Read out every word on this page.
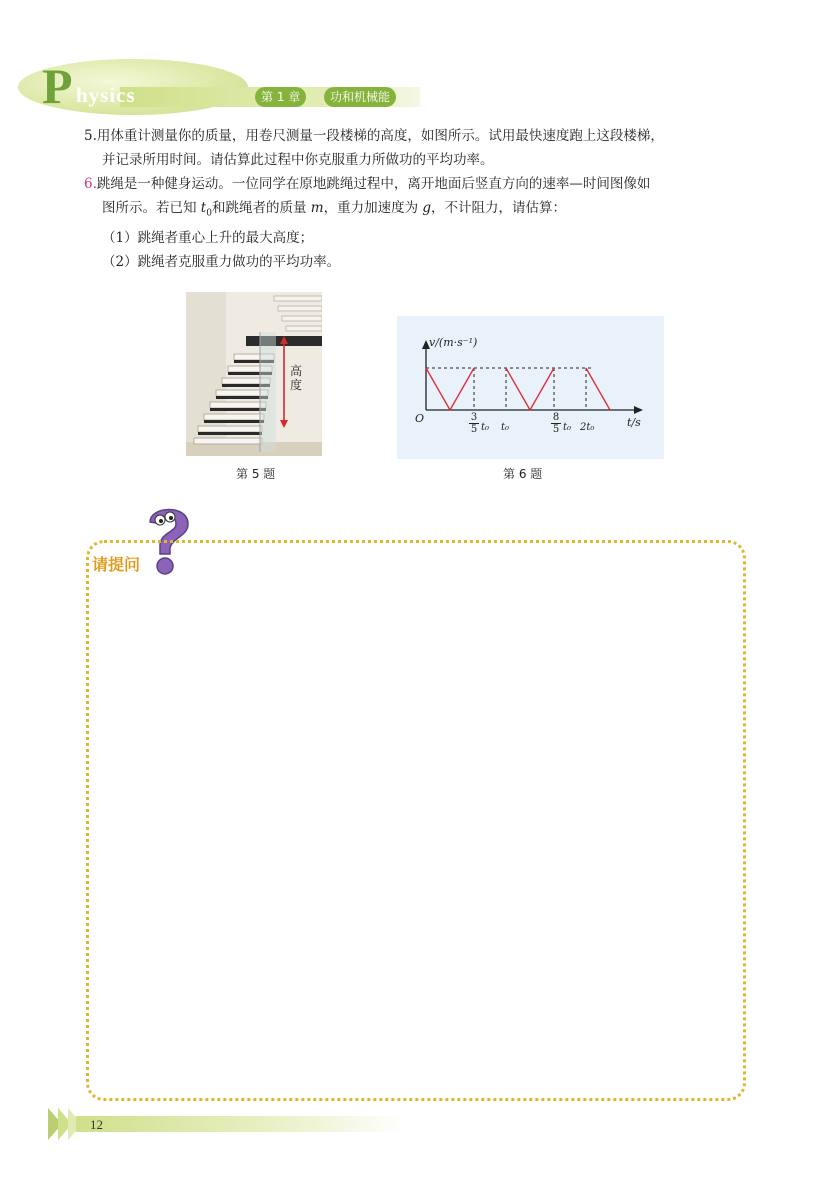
P hysics	第 1 章	功和机械能
5.用体重计测量你的质量，用卷尺测量一段楼梯的高度，如图所示。试用最快速度跑上这段楼梯，
并记录所用时间。请估算此过程中你克服重力所做功的平均功率。
6.跳绳是一种健身运动。一位同学在原地跳绳过程中，离开地面后竖直方向的速率—时间图像如
图所示。若已知 $t_0$和跳绳者的质量 m，重力加速度为 g，不计阻力，请估算：
（1）跳绳者重心上升的最大高度；
（2）跳绳者克服重力做功的平均功率。
高度
第 5 题
v/(m·s⁻¹)
t/s
O	3
5 t₀ t₀
8
5 t₀ 2t₀
第 6 题
请提问
12
